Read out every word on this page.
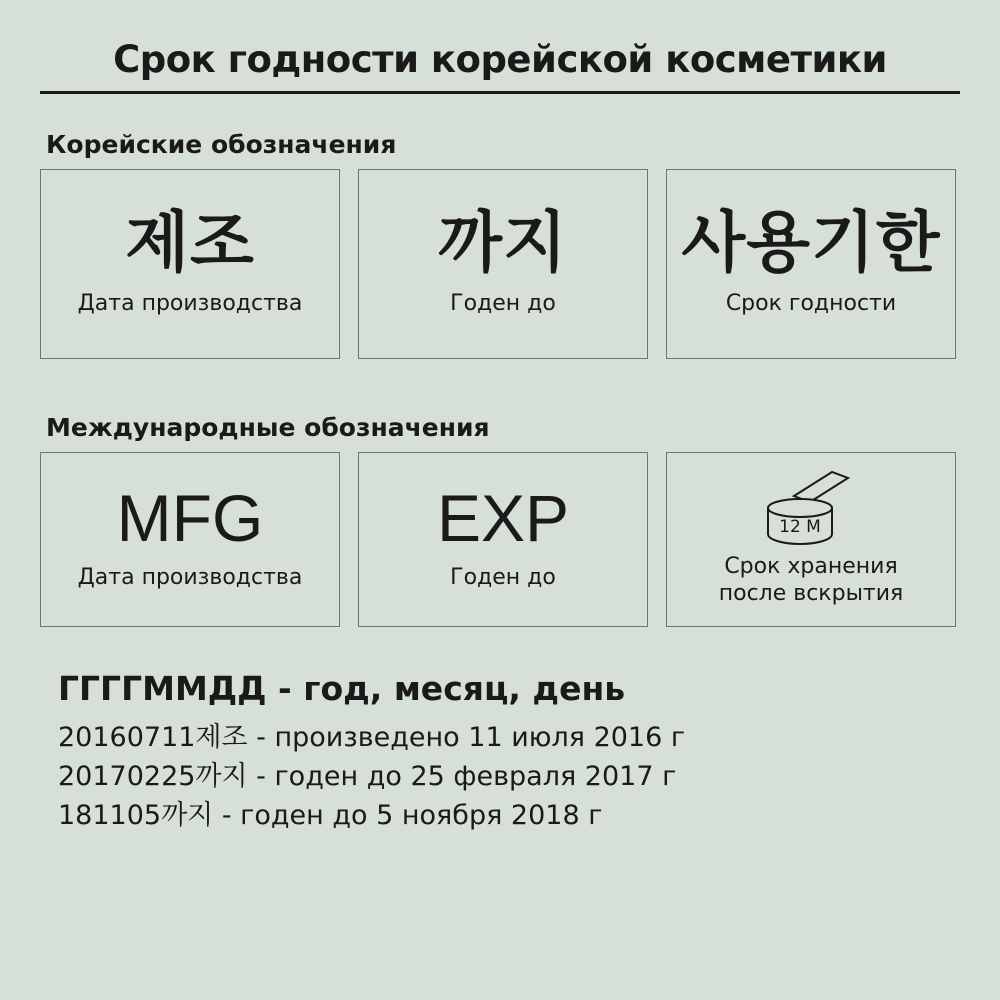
Срок годности корейской косметики
Корейские обозначения
제조
Дата производства
까지
Годен до
사용기한
Срок годности
Международные обозначения
MFG
Дата производства
EXP
Годен до
12 M
Срок хранения
после вскрытия
ГГГГММДД - год, месяц, день
20160711제조 - произведено 11 июля 2016 г
20170225까지 - годен до 25 февраля 2017 г
181105까지 - годен до 5 ноября 2018 г
